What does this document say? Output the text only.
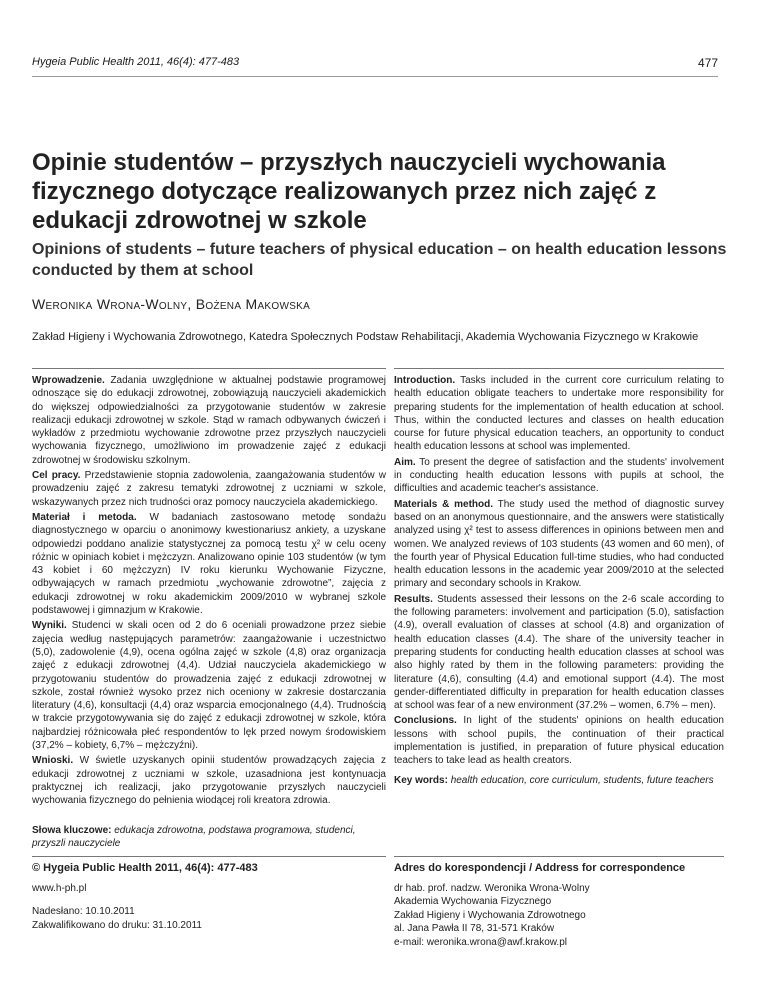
Hygeia Public Health 2011, 46(4): 477-483	477
Opinie studentów – przyszłych nauczycieli wychowania fizycznego dotyczące realizowanych przez nich zajęć z edukacji zdrowotnej w szkole
Opinions of students – future teachers of physical education – on health education lessons conducted by them at school
Weronika Wrona-Wolny, Bożena Makowska
Zakład Higieny i Wychowania Zdrowotnego, Katedra Społecznych Podstaw Rehabilitacji, Akademia Wychowania Fizycznego w Krakowie

Wprowadzenie. Zadania uwzględnione w aktualnej podstawie programowej odnoszące się do edukacji zdrowotnej, zobowiązują nauczycieli akademickich do większej odpowiedzialności za przygotowanie studentów w zakresie realizacji edukacji zdrowotnej w szkole. Stąd w ramach odbywanych ćwiczeń i wykładów z przedmiotu wychowanie zdrowotne przez przyszłych nauczycieli wychowania fizycznego, umożliwiono im prowadzenie zajęć z edukacji zdrowotnej w środowisku szkolnym.

Cel pracy. Przedstawienie stopnia zadowolenia, zaangażowania studentów w prowadzeniu zajęć z zakresu tematyki zdrowotnej z uczniami w szkole, wskazywanych przez nich trudności oraz pomocy nauczyciela akademickiego.

Materiał i metoda. W badaniach zastosowano metodę sondażu diagnostycznego w oparciu o anonimowy kwestionariusz ankiety, a uzyskane odpowiedzi poddano analizie statystycznej za pomocą testu χ² w celu oceny różnic w opiniach kobiet i mężczyzn. Analizowano opinie 103 studentów (w tym 43 kobiet i 60 mężczyzn) IV roku kierunku Wychowanie Fizyczne, odbywających w ramach przedmiotu „wychowanie zdrowotne”, zajęcia z edukacji zdrowotnej w roku akademickim 2009/2010 w wybranej szkole podstawowej i gimnazjum w Krakowie.

Wyniki. Studenci w skali ocen od 2 do 6 oceniali prowadzone przez siebie zajęcia według następujących parametrów: zaangażowanie i uczestnictwo (5,0), zadowolenie (4,9), ocena ogólna zajęć w szkole (4,8) oraz organizacja zajęć z edukacji zdrowotnej (4,4). Udział nauczyciela akademickiego w przygotowaniu studentów do prowadzenia zajęć z edukacji zdrowotnej w szkole, został również wysoko przez nich oceniony w zakresie dostarczania literatury (4,6), konsultacji (4,4) oraz wsparcia emocjonalnego (4,4). Trudnością w trakcie przygotowywania się do zajęć z edukacji zdrowotnej w szkole, która najbardziej różnicowała płeć respondentów to lęk przed nowym środowiskiem (37,2% – kobiety, 6,7% – mężczyźni).

Wnioski. W świetle uzyskanych opinii studentów prowadzących zajęcia z edukacji zdrowotnej z uczniami w szkole, uzasadniona jest kontynuacja praktycznej ich realizacji, jako przygotowanie przyszłych nauczycieli wychowania fizycznego do pełnienia wiodącej roli kreatora zdrowia.

Introduction. Tasks included in the current core curriculum relating to health education obligate teachers to undertake more responsibility for preparing students for the implementation of health education at school. Thus, within the conducted lectures and classes on health education course for future physical education teachers, an opportunity to conduct health education lessons at school was implemented.

Aim. To present the degree of satisfaction and the students' involvement in conducting health education lessons with pupils at school, the difficulties and academic teacher's assistance.

Materials & method. The study used the method of diagnostic survey based on an anonymous questionnaire, and the answers were statistically analyzed using χ² test to assess differences in opinions between men and women. We analyzed reviews of 103 students (43 women and 60 men), of the fourth year of Physical Education full-time studies, who had conducted health education lessons in the academic year 2009/2010 at the selected primary and secondary schools in Krakow.

Results. Students assessed their lessons on the 2-6 scale according to the following parameters: involvement and participation (5.0), satisfaction (4.9), overall evaluation of classes at school (4.8) and organization of health education classes (4.4). The share of the university teacher in preparing students for conducting health education classes at school was also highly rated by them in the following parameters: providing the literature (4,6), consulting (4.4) and emotional support (4.4). The most gender-differentiated difficulty in preparation for health education classes at school was fear of a new environment (37.2% – women, 6.7% – men).

Conclusions. In light of the students' opinions on health education lessons with school pupils, the continuation of their practical implementation is justified, in preparation of future physical education teachers to take lead as health creators.

Key words: health education, core curriculum, students, future teachers

Słowa kluczowe: edukacja zdrowotna, podstawa programowa, studenci, przyszli nauczyciele
© Hygeia Public Health 2011, 46(4): 477-483
www.h-ph.pl
Nadesłano: 10.10.2011
Zakwalifikowano do druku: 31.10.2011
Adres do korespondencji / Address for correspondence
dr hab. prof. nadzw. Weronika Wrona-Wolny
Akademia Wychowania Fizycznego
Zakład Higieny i Wychowania Zdrowotnego
al. Jana Pawła II 78, 31-571 Kraków
e-mail: weronika.wrona@awf.krakow.pl
